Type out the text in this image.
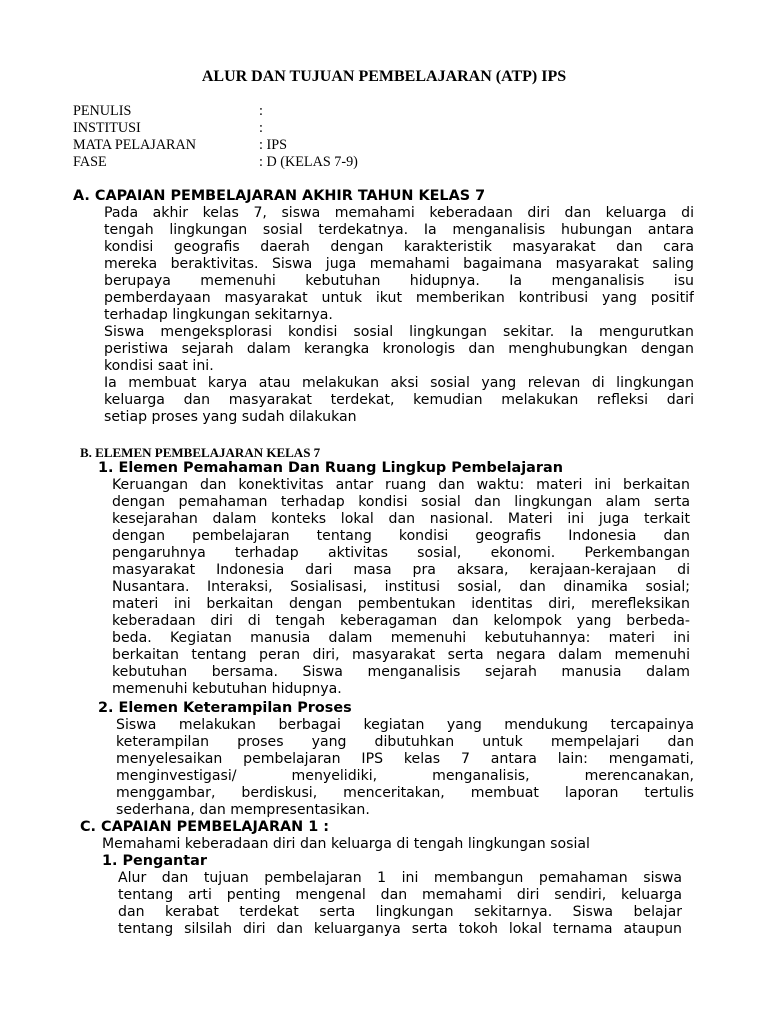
ALUR DAN TUJUAN PEMBELAJARAN (ATP) IPS
PENULIS	:
INSTITUSI	:
MATA PELAJARAN	: IPS
FASE	: D (KELAS 7-9)
A. CAPAIAN PEMBELAJARAN AKHIR TAHUN KELAS 7
Pada akhir kelas 7, siswa memahami keberadaan diri dan keluarga di
tengah lingkungan sosial terdekatnya. Ia menganalisis hubungan antara
kondisi geografis daerah dengan karakteristik masyarakat dan cara
mereka beraktivitas. Siswa juga memahami bagaimana masyarakat saling
berupaya memenuhi kebutuhan hidupnya. Ia menganalisis isu
pemberdayaan masyarakat untuk ikut memberikan kontribusi yang positif
terhadap lingkungan sekitarnya.
Siswa mengeksplorasi kondisi sosial lingkungan sekitar. Ia mengurutkan
peristiwa sejarah dalam kerangka kronologis dan menghubungkan dengan
kondisi saat ini.
Ia membuat karya atau melakukan aksi sosial yang relevan di lingkungan
keluarga dan masyarakat terdekat, kemudian melakukan refleksi dari
setiap proses yang sudah dilakukan
B. ELEMEN PEMBELAJARAN KELAS 7
1. Elemen Pemahaman Dan Ruang Lingkup Pembelajaran
Keruangan dan konektivitas antar ruang dan waktu: materi ini berkaitan
dengan pemahaman terhadap kondisi sosial dan lingkungan alam serta
kesejarahan dalam konteks lokal dan nasional. Materi ini juga terkait
dengan pembelajaran tentang kondisi geografis Indonesia dan
pengaruhnya terhadap aktivitas sosial, ekonomi. Perkembangan
masyarakat Indonesia dari masa pra aksara, kerajaan-kerajaan di
Nusantara. Interaksi, Sosialisasi, institusi sosial, dan dinamika sosial;
materi ini berkaitan dengan pembentukan identitas diri, merefleksikan
keberadaan diri di tengah keberagaman dan kelompok yang berbeda-
beda. Kegiatan manusia dalam memenuhi kebutuhannya: materi ini
berkaitan tentang peran diri, masyarakat serta negara dalam memenuhi
kebutuhan bersama. Siswa menganalisis sejarah manusia dalam
memenuhi kebutuhan hidupnya.
2. Elemen Keterampilan Proses
Siswa melakukan berbagai kegiatan yang mendukung tercapainya
keterampilan proses yang dibutuhkan untuk mempelajari dan
menyelesaikan pembelajaran IPS kelas 7 antara lain: mengamati,
menginvestigasi/ menyelidiki, menganalisis, merencanakan,
menggambar, berdiskusi, menceritakan, membuat laporan tertulis
sederhana, dan mempresentasikan.
C. CAPAIAN PEMBELAJARAN 1 :
Memahami keberadaan diri dan keluarga di tengah lingkungan sosial
1. Pengantar
Alur dan tujuan pembelajaran 1 ini membangun pemahaman siswa
tentang arti penting mengenal dan memahami diri sendiri, keluarga
dan kerabat terdekat serta lingkungan sekitarnya. Siswa belajar
tentang silsilah diri dan keluarganya serta tokoh lokal ternama ataupun
